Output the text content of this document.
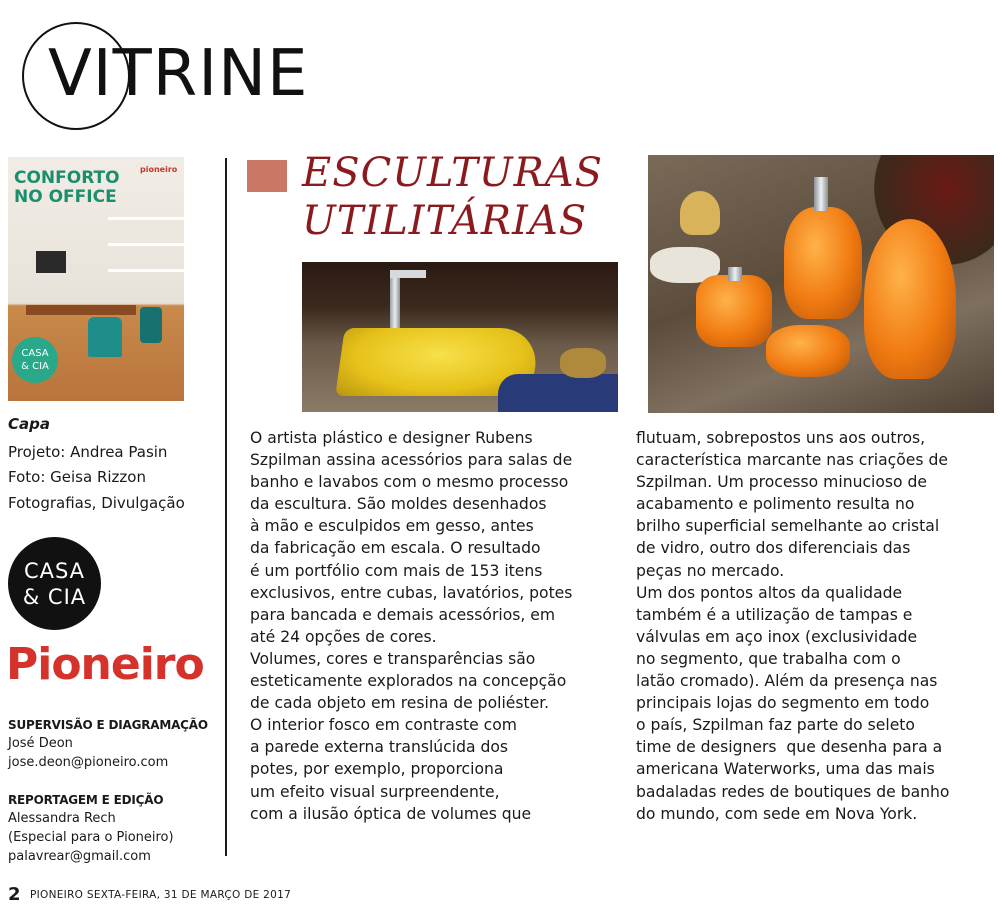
VITRINE
CONFORTO
NO OFFICE
pioneiro
CASA
& CIA
Capa
Projeto: Andrea Pasin
Foto: Geisa Rizzon
Fotografias, Divulgação
CASA
& CIA
Pioneiro
SUPERVISÃO E DIAGRAMAÇÃO
José Deon
jose.deon@pioneiro.com
REPORTAGEM E EDIÇÃO
Alessandra Rech
(Especial para o Pioneiro)
palavrear@gmail.com
ESCULTURAS
UTILITÁRIAS
O artista plástico e designer Rubens
Szpilman assina acessórios para salas de
banho e lavabos com o mesmo processo
da escultura. São moldes desenhados
à mão e esculpidos em gesso, antes
da fabricação em escala. O resultado
é um portfólio com mais de 153 itens
exclusivos, entre cubas, lavatórios, potes
para bancada e demais acessórios, em
até 24 opções de cores.
Volumes, cores e transparências são
esteticamente explorados na concepção
de cada objeto em resina de poliéster.
O interior fosco em contraste com
a parede externa translúcida dos
potes, por exemplo, proporciona
um efeito visual surpreendente,
com a ilusão óptica de volumes que
flutuam, sobrepostos uns aos outros,
característica marcante nas criações de
Szpilman. Um processo minucioso de
acabamento e polimento resulta no
brilho superficial semelhante ao cristal
de vidro, outro dos diferenciais das
peças no mercado.
Um dos pontos altos da qualidade
também é a utilização de tampas e
válvulas em aço inox (exclusividade
no segmento, que trabalha com o
latão cromado). Além da presença nas
principais lojas do segmento em todo
o país, Szpilman faz parte do seleto
time de designers  que desenha para a
americana Waterworks, uma das mais
badaladas redes de boutiques de banho
do mundo, com sede em Nova York.
2 PIONEIRO SEXTA-FEIRA, 31 DE MARÇO DE 2017
